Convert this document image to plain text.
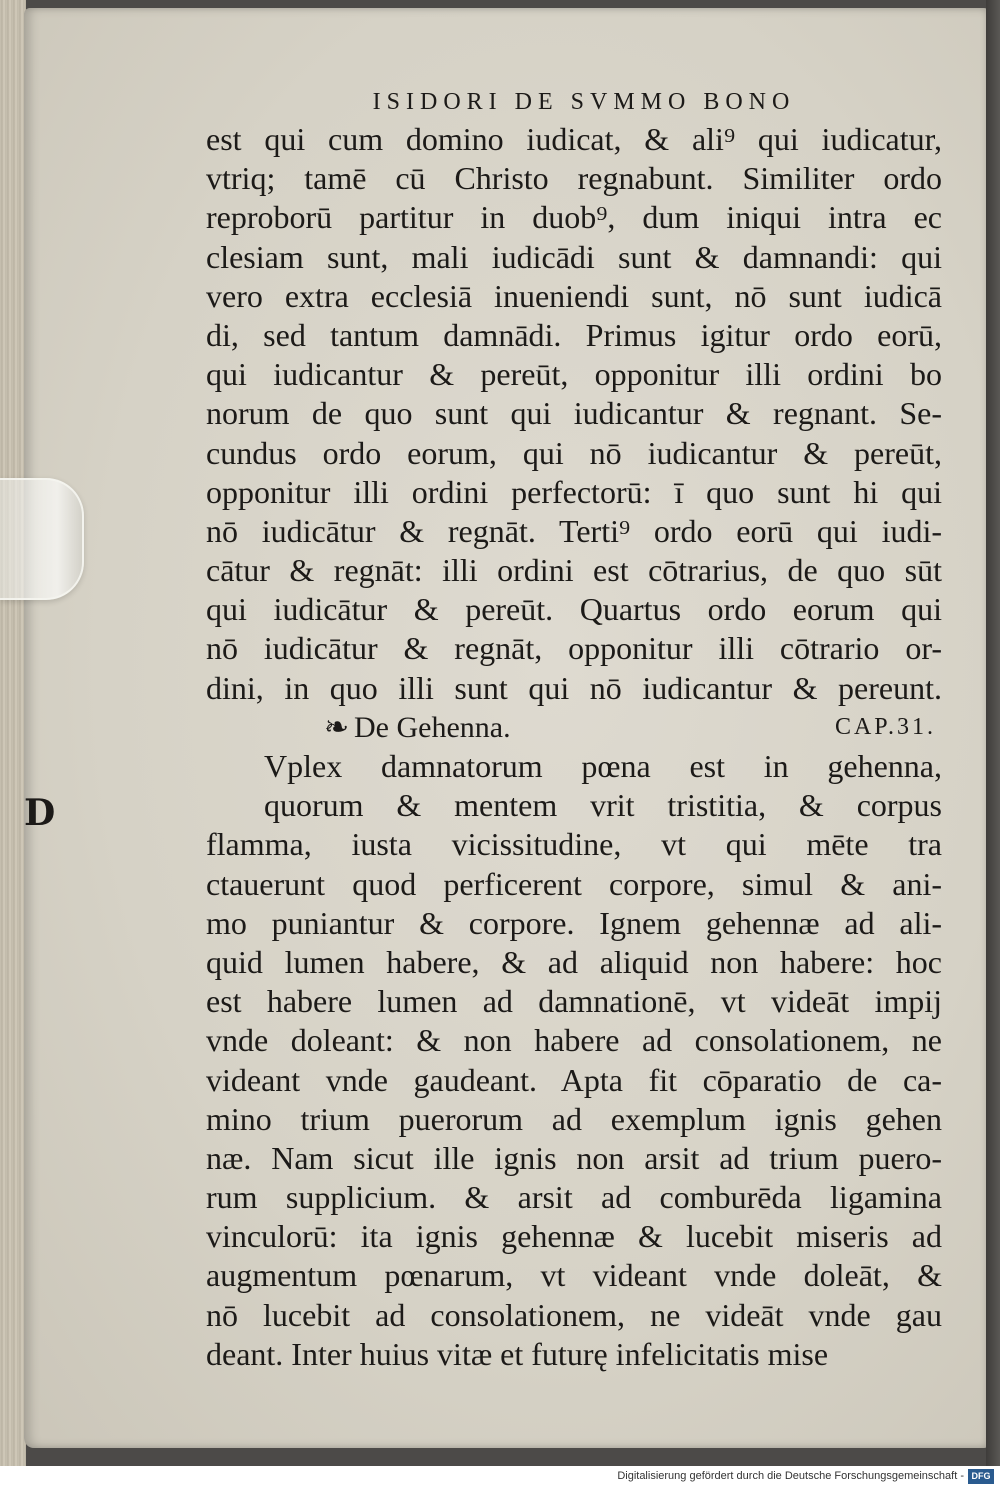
D
ISIDORI DE SVMMO BONO
est qui cum domino iudicat, & ali⁹ qui iudicatur,
vtriq; tamē cū Christo regnabunt. Similiter ordo
reproborū partitur in duob⁹, dum iniqui intra ec
clesiam sunt, mali iudicādi sunt & damnandi: qui
vero extra ecclesiā inueniendi sunt, nō sunt iudicā
di, sed tantum damnādi. Primus igitur ordo eorū,
qui iudicantur & pereūt, opponitur illi ordini bo
norum de quo sunt qui iudicantur & regnant. Se-
cundus ordo eorum, qui nō iudicantur & pereūt,
opponitur illi ordini perfectorū: ī quo sunt hi qui
nō iudicātur & regnāt. Terti⁹ ordo eorū qui iudi-
cātur & regnāt: illi ordini est cōtrarius, de quo sūt
qui iudicātur & pereūt. Quartus ordo eorum qui
nō iudicātur & regnāt, opponitur illi cōtrario or-
dini, in quo illi sunt qui nō iudicantur & pereunt.
❧ De Gehenna.	CAP.31.
Vplex damnatorum pœna est in gehenna,
quorum & mentem vrit tristitia, & corpus
flamma, iusta vicissitudine, vt qui mēte tra
ctauerunt quod perficerent corpore, simul & ani-
mo puniantur & corpore. Ignem gehennæ ad ali-
quid lumen habere, & ad aliquid non habere: hoc
est habere lumen ad damnationē, vt videāt impij
vnde doleant: & non habere ad consolationem, ne
videant vnde gaudeant. Apta fit cōparatio de ca-
mino trium puerorum ad exemplum ignis gehen
næ. Nam sicut ille ignis non arsit ad trium puero-
rum supplicium. & arsit ad comburēda ligamina
vinculorū: ita ignis gehennæ & lucebit miseris ad
augmentum pœnarum, vt videant vnde doleāt, &
nō lucebit ad consolationem, ne videāt vnde gau
deant. Inter huius vitæ et futurę infelicitatis mise
Digitalisierung gefördert durch die Deutsche Forschungsgemeinschaft - DFG
